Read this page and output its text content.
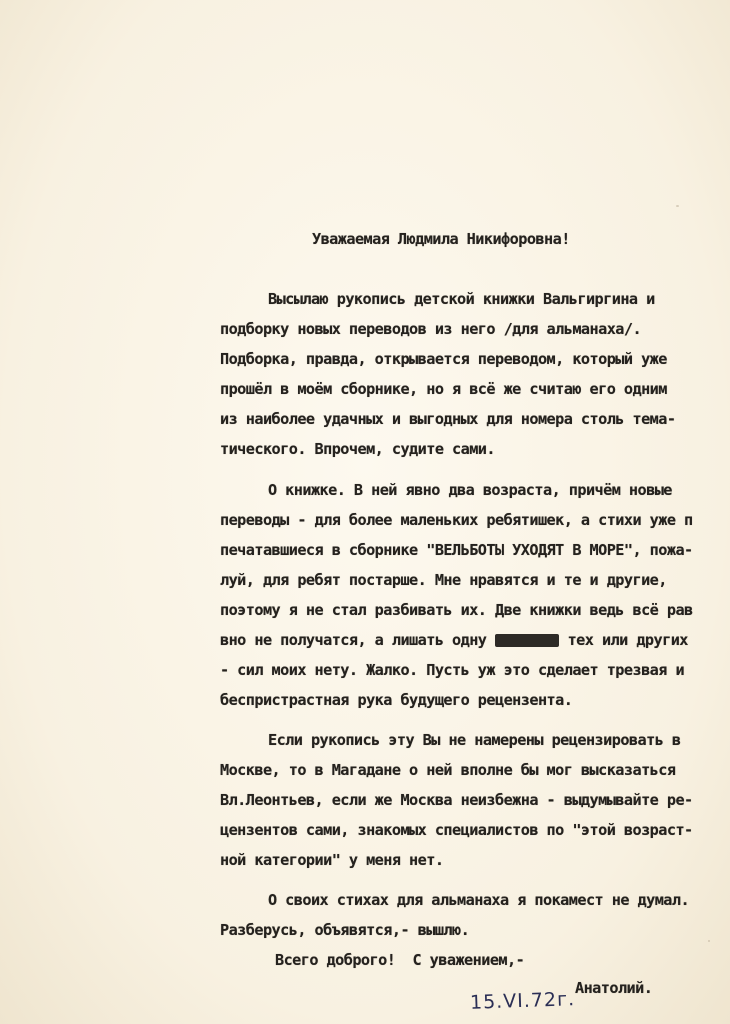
Уважаемая Людмила Никифоровна!
Высылаю рукопись детской книжки Вальгиргина и
подборку новых переводов из него /для альманаха/.
Подборка, правда, открывается переводом, который уже
прошёл в моём сборнике, но я всё же считаю его одним
из наиболее удачных и выгодных для номера столь тема-
тического. Впрочем, судите сами.
О книжке. В ней явно два возраста, причём новые
переводы - для более маленьких ребятишек, а стихи уже п
печатавшиеся в сборнике "ВЕЛЬБОТЫ УХОДЯТ В МОРЕ", пожа-
луй, для ребят постарше. Мне нравятся и те и другие,
поэтому я не стал разбивать их. Две книжки ведь всё рав
вно не получатся, а лишать одну	тех или других
- сил моих нету. Жалко. Пусть уж это сделает трезвая и
беспристрастная рука будущего рецензента.
Если рукопись эту Вы не намерены рецензировать в
Москве, то в Магадане о ней вполне бы мог высказаться
Вл.Леонтьев, если же Москва неизбежна - выдумывайте ре-
цензентов сами, знакомых специалистов по "этой возраст-
ной категории" у меня нет.
О своих стихах для альманаха я покамест не думал.
Разберусь, объявятся,- вышлю.
Всего доброго!  С уважением,-
Анатолий.
15.VI.72г.
